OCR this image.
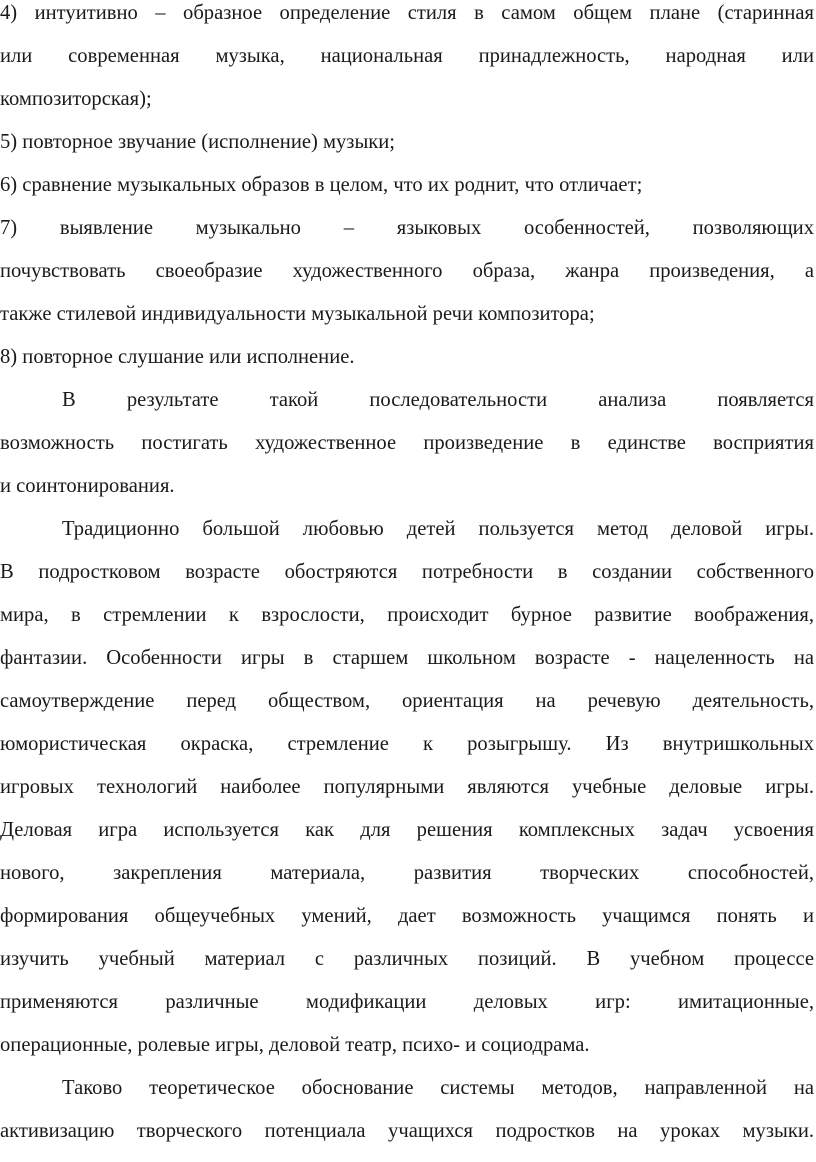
4) интуитивно – образное определение стиля в самом общем плане (старинная
или современная музыка, национальная принадлежность, народная или
композиторская);
5) повторное звучание (исполнение) музыки;
6) сравнение музыкальных образов в целом, что их роднит, что отличает;
7) выявление музыкально – языковых особенностей, позволяющих
почувствовать своеобразие художественного образа, жанра произведения, а
также стилевой индивидуальности музыкальной речи композитора;
8) повторное слушание или исполнение.
В результате такой последовательности анализа появляется
возможность постигать художественное произведение в единстве восприятия
и соинтонирования.
Традиционно большой любовью детей пользуется метод деловой игры.
В подростковом возрасте обостряются потребности в создании собственного
мира, в стремлении к взрослости, происходит бурное развитие воображения,
фантазии. Особенности игры в старшем школьном возрасте - нацеленность на
самоутверждение перед обществом, ориентация на речевую деятельность,
юмористическая окраска, стремление к розыгрышу. Из внутришкольных
игровых технологий наиболее популярными являются учебные деловые игры.
Деловая игра используется как для решения комплексных задач усвоения
нового, закрепления материала, развития творческих способностей,
формирования общеучебных умений, дает возможность учащимся понять и
изучить учебный материал с различных позиций. В учебном процессе
применяются различные модификации деловых игр: имитационные,
операционные, ролевые игры, деловой театр, психо- и социодрама.
Таково теоретическое обоснование системы методов, направленной на
активизацию творческого потенциала учащихся подростков на уроках музыки.
